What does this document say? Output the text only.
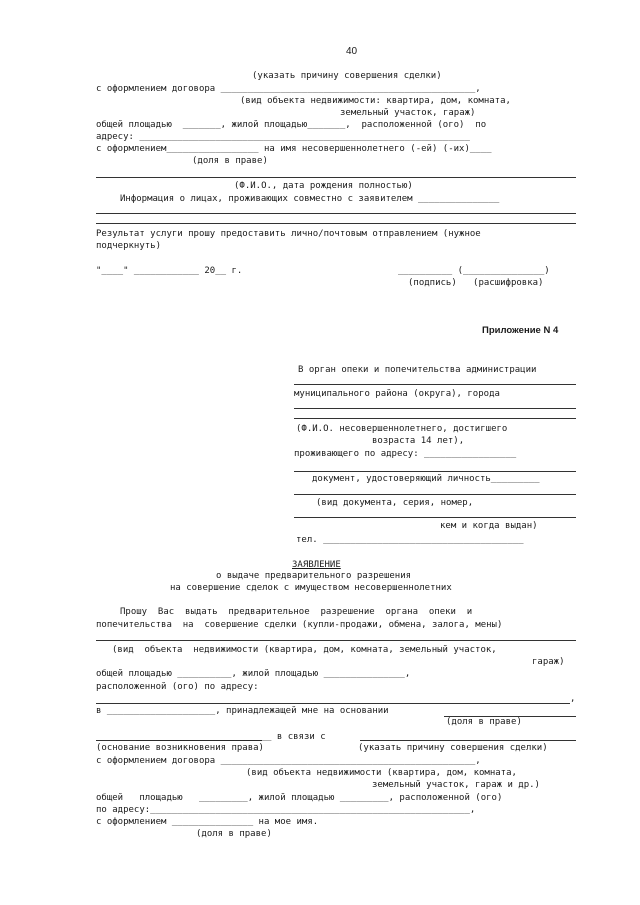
40
(указать причину совершения сделки)
с оформлением договора _______________________________________________,
(вид объекта недвижимости: квартира, дом, комната,
земельный участок, гараж)
общей площадью  _______, жилой площадью_______,  расположенной (ого)  по
адресу: _____________________________________________________________
с оформлением_________________ на имя несовершеннолетнего (-ей) (-их)____
(доля в праве)
(Ф.И.О., дата рождения полностью)
Информация о лицах, проживающих совместно с заявителем _______________
Результат услуги прошу предоставить лично/почтовым отправлением (нужное
подчеркнуть)
"____" ____________ 20__ г.	__________ (_______________)
(подпись)   (расшифровка)
Приложение N 4
В орган опеки и попечительства администрации
муниципального района (округа), города
(Ф.И.О. несовершеннолетнего, достигшего
возраста 14 лет),
проживающего по адресу: _________________
документ, удостоверяющий личность_________
(вид документа, серия, номер,
кем и когда выдан)
тел. _____________________________________
ЗАЯВЛЕНИЕ
о выдаче предварительного разрешения
на совершение сделок с имуществом несовершеннолетних
Прошу  Вас  выдать  предварительное  разрешение  органа  опеки  и
попечительства  на  совершение сделки (купли-продажи, обмена, залога, мены)
(вид  объекта  недвижимости (квартира, дом, комната, земельный участок,
гараж)
общей площадью __________, жилой площадью _______________,
расположенной (ого) по адресу:
,
в ____________________, принадлежащей мне на основании
(доля в праве)
_________________________ в связи с
(основание возникновения права)	(указать причину совершения сделки)
с оформлением договора _______________________________________________,
(вид объекта недвижимости (квартира, дом, комната,
земельный участок, гараж и др.)
общей   площадью   _________, жилой площадью _________, расположенной (ого)
по адресу:___________________________________________________________,
с оформлением _______________ на мое имя.
(доля в праве)
